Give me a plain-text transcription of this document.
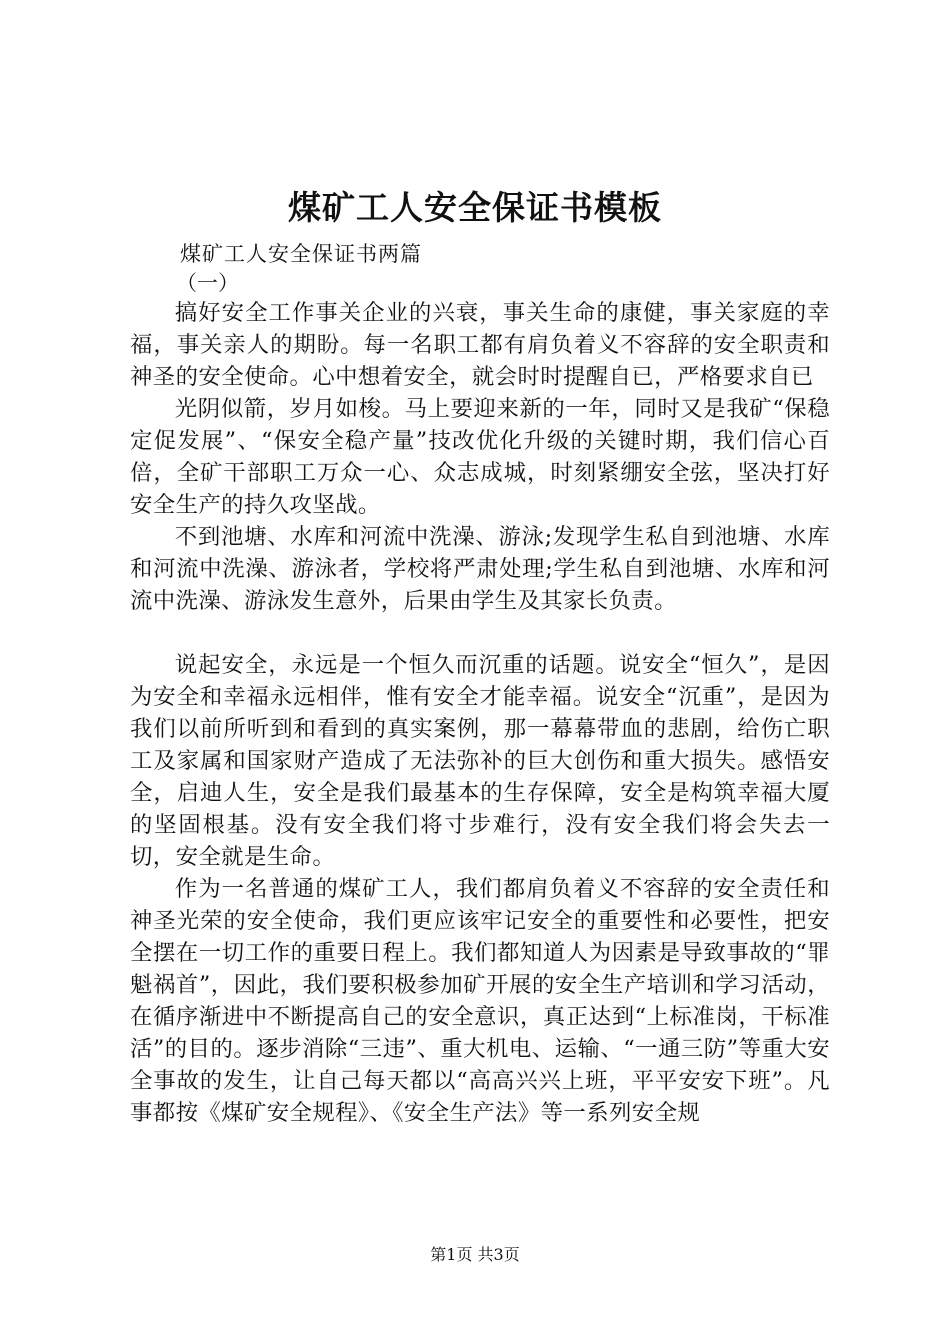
煤矿工人安全保证书模板
煤矿工人安全保证书两篇
（一）

搞好安全工作事关企业的兴衰，事关生命的康健，事关家庭的幸福，事关亲人的期盼。每一名职工都有肩负着义不容辞的安全职责和神圣的安全使命。心中想着安全，就会时时提醒自已，严格要求自已

光阴似箭，岁月如梭。马上要迎来新的一年，同时又是我矿“保稳定促发展”、“保安全稳产量”技改优化升级的关键时期，我们信心百倍，全矿干部职工万众一心、众志成城，时刻紧绷安全弦，坚决打好安全生产的持久攻坚战。

不到池塘、水库和河流中洗澡、游泳;发现学生私自到池塘、水库和河流中洗澡、游泳者，学校将严肃处理;学生私自到池塘、水库和河流中洗澡、游泳发生意外，后果由学生及其家长负责。

说起安全，永远是一个恒久而沉重的话题。说安全“恒久”，是因为安全和幸福永远相伴，惟有安全才能幸福。说安全“沉重”，是因为我们以前所听到和看到的真实案例，那一幕幕带血的悲剧，给伤亡职工及家属和国家财产造成了无法弥补的巨大创伤和重大损失。感悟安全，启迪人生，安全是我们最基本的生存保障，安全是构筑幸福大厦的坚固根基。没有安全我们将寸步难行，没有安全我们将会失去一切，安全就是生命。

作为一名普通的煤矿工人，我们都肩负着义不容辞的安全责任和神圣光荣的安全使命，我们更应该牢记安全的重要性和必要性，把安全摆在一切工作的重要日程上。我们都知道人为因素是导致事故的“罪魁祸首”，因此，我们要积极参加矿开展的安全生产培训和学习活动，在循序渐进中不断提高自己的安全意识，真正达到“上标准岗，干标准活”的目的。逐步消除“三违”、重大机电、运输、“一通三防”等重大安全事故的发生，让自己每天都以“高高兴兴上班，平平安安下班”。凡事都按《煤矿安全规程》、《安全生产法》等一系列安全规

第1页 共3页
